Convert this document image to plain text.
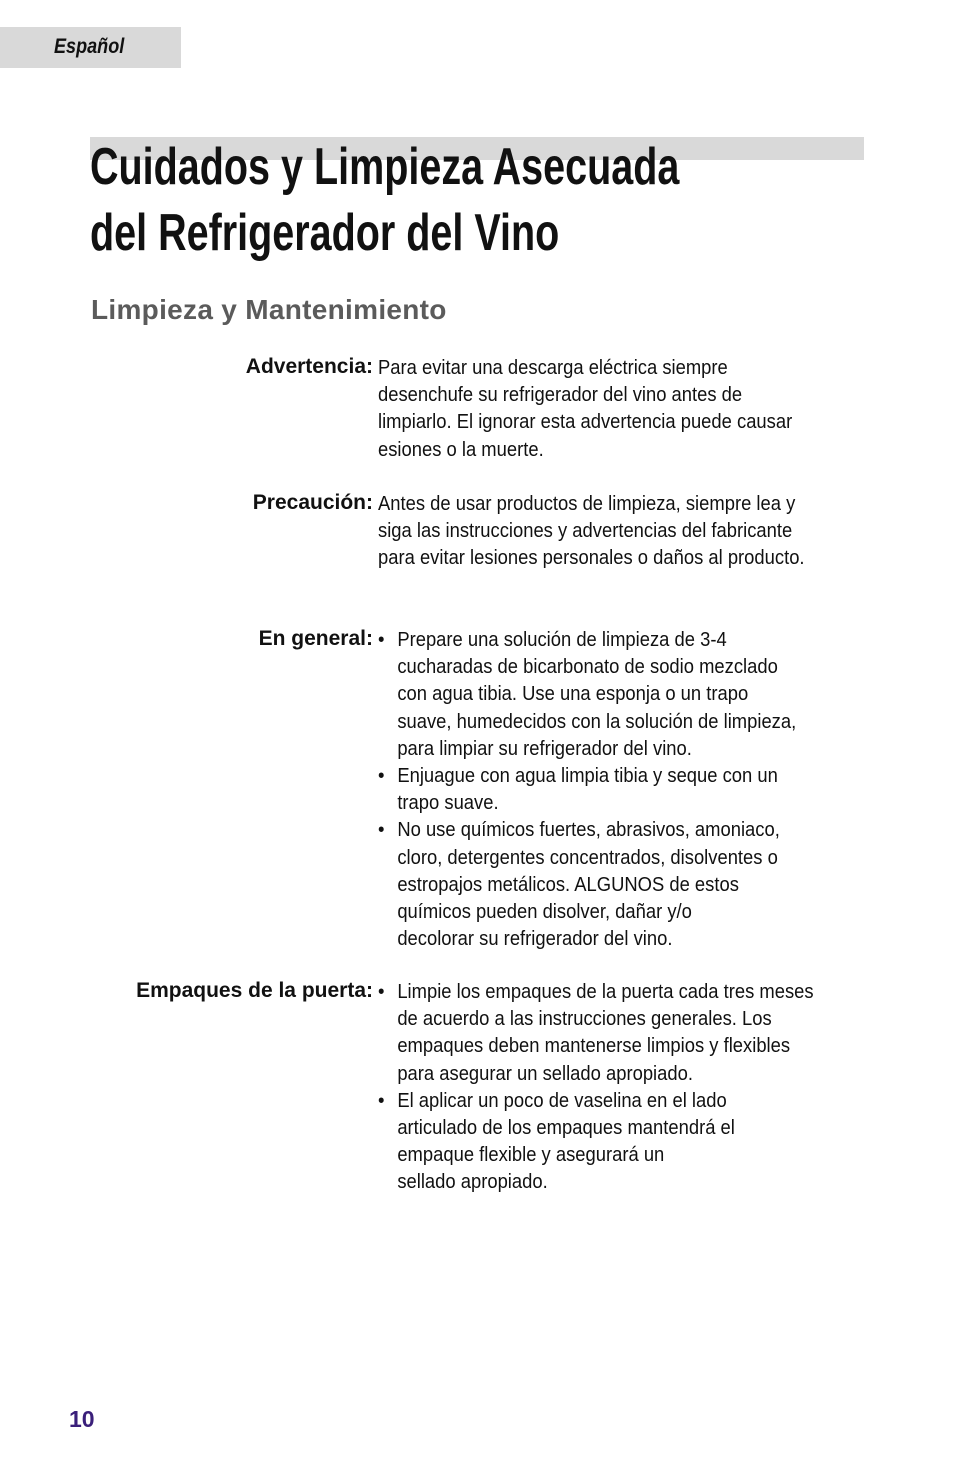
Español
Cuidados y Limpieza Asecuada
del Refrigerador del Vino
Limpieza y Mantenimiento
Advertencia: Para evitar una descarga eléctrica siempre
desenchufe su refrigerador del vino antes de
limpiarlo. El ignorar esta advertencia puede causar
esiones o la muerte.
Precaución: Antes de usar productos de limpieza, siempre lea y
siga las instrucciones y advertencias del fabricante
para evitar lesiones personales o daños al producto.
En general: • Prepare una solución de limpieza de 3-4
cucharadas de bicarbonato de sodio mezclado
con agua tibia. Use una esponja o un trapo
suave, humedecidos con la solución de limpieza,
para limpiar su refrigerador del vino.
• Enjuague con agua limpia tibia y seque con un
trapo suave.
• No use químicos fuertes, abrasivos, amoniaco,
cloro, detergentes concentrados, disolventes o
estropajos metálicos. ALGUNOS de estos
químicos pueden disolver, dañar y/o
decolorar su refrigerador del vino.
Empaques de la puerta: • Limpie los empaques de la puerta cada tres meses
de acuerdo a las instrucciones generales. Los
empaques deben mantenerse limpios y flexibles
para asegurar un sellado apropiado.
• El aplicar un poco de vaselina en el lado
articulado de los empaques mantendrá el
empaque flexible y asegurará un
sellado apropiado.
10
